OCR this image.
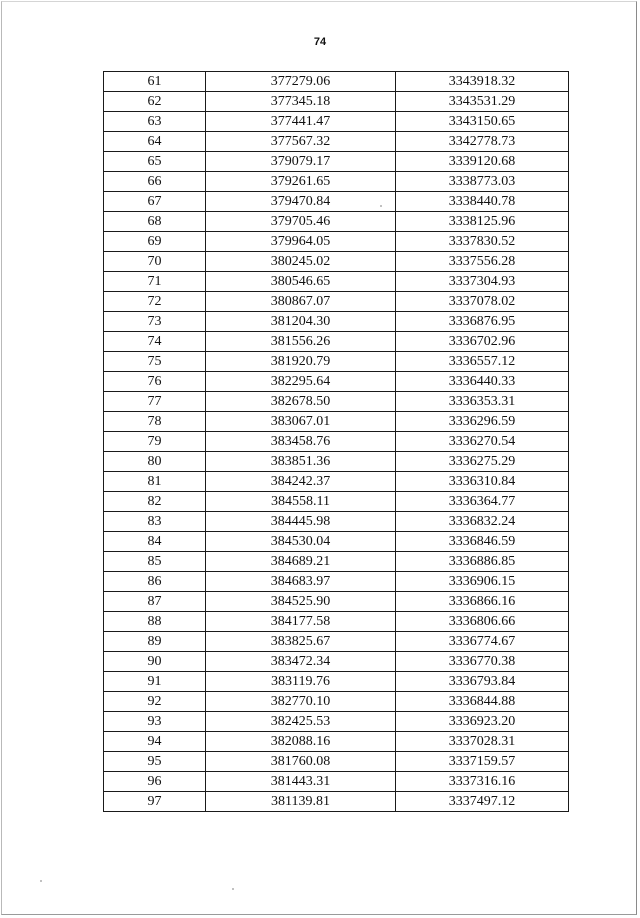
74
61	377279.06	3343918.32
62	377345.18	3343531.29
63	377441.47	3343150.65
64	377567.32	3342778.73
65	379079.17	3339120.68
66	379261.65	3338773.03
67	379470.84	3338440.78
68	379705.46	3338125.96
69	379964.05	3337830.52
70	380245.02	3337556.28
71	380546.65	3337304.93
72	380867.07	3337078.02
73	381204.30	3336876.95
74	381556.26	3336702.96
75	381920.79	3336557.12
76	382295.64	3336440.33
77	382678.50	3336353.31
78	383067.01	3336296.59
79	383458.76	3336270.54
80	383851.36	3336275.29
81	384242.37	3336310.84
82	384558.11	3336364.77
83	384445.98	3336832.24
84	384530.04	3336846.59
85	384689.21	3336886.85
86	384683.97	3336906.15
87	384525.90	3336866.16
88	384177.58	3336806.66
89	383825.67	3336774.67
90	383472.34	3336770.38
91	383119.76	3336793.84
92	382770.10	3336844.88
93	382425.53	3336923.20
94	382088.16	3337028.31
95	381760.08	3337159.57
96	381443.31	3337316.16
97	381139.81	3337497.12
